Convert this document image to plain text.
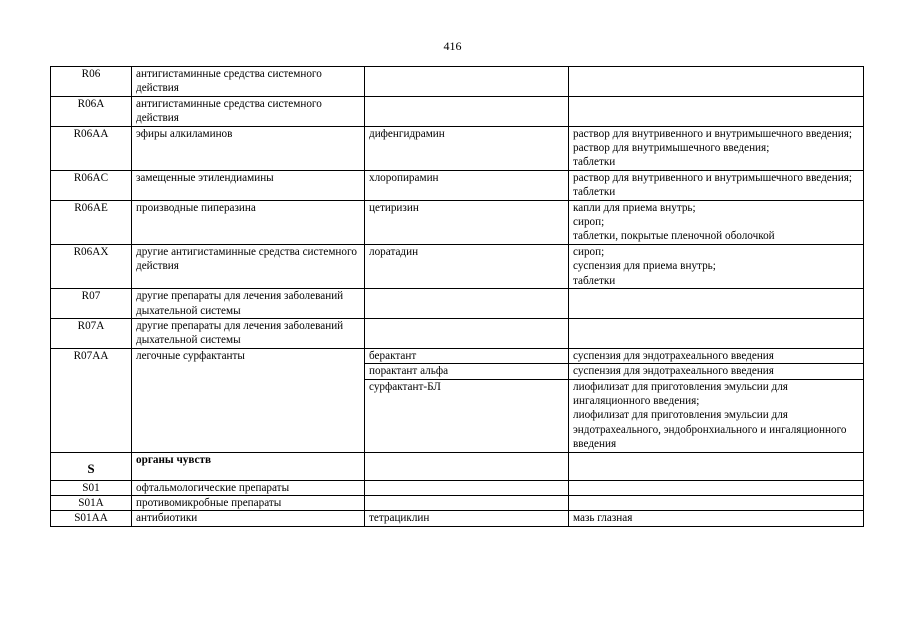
416
R06	антигистаминные средства системного действия		
R06A	антигистаминные средства системного действия		
R06AA	эфиры алкиламинов	дифенгидрамин	раствор для внутривенного и внутримышечного введения;
раствор для внутримышечного введения;
таблетки

R06AC	замещенные этилендиамины	хлоропирамин	раствор для внутривенного и внутримышечного введения;
таблетки

R06AE	производные пиперазина	цетиризин	капли для приема внутрь;
сироп;
таблетки, покрытые пленочной оболочкой

R06AX	другие антигистаминные средства системного действия	лоратадин	сироп;
суспензия для приема внутрь;
таблетки

R07	другие препараты для лечения заболеваний дыхательной системы		
R07A	другие препараты для лечения заболеваний дыхательной системы		
R07AA	легочные сурфактанты	берактант	суспензия для эндотрахеального введения

		порактант альфа	суспензия для эндотрахеального введения

		сурфактант-БЛ	лиофилизат для приготовления эмульсии для ингаляционного введения;
лиофилизат для приготовления эмульсии для эндотрахеального, эндобронхиального и ингаляционного введения

S	органы чувств		
S01	офтальмологические препараты		
S01A	противомикробные препараты		
S01AA	антибиотики	тетрациклин	мазь глазная
